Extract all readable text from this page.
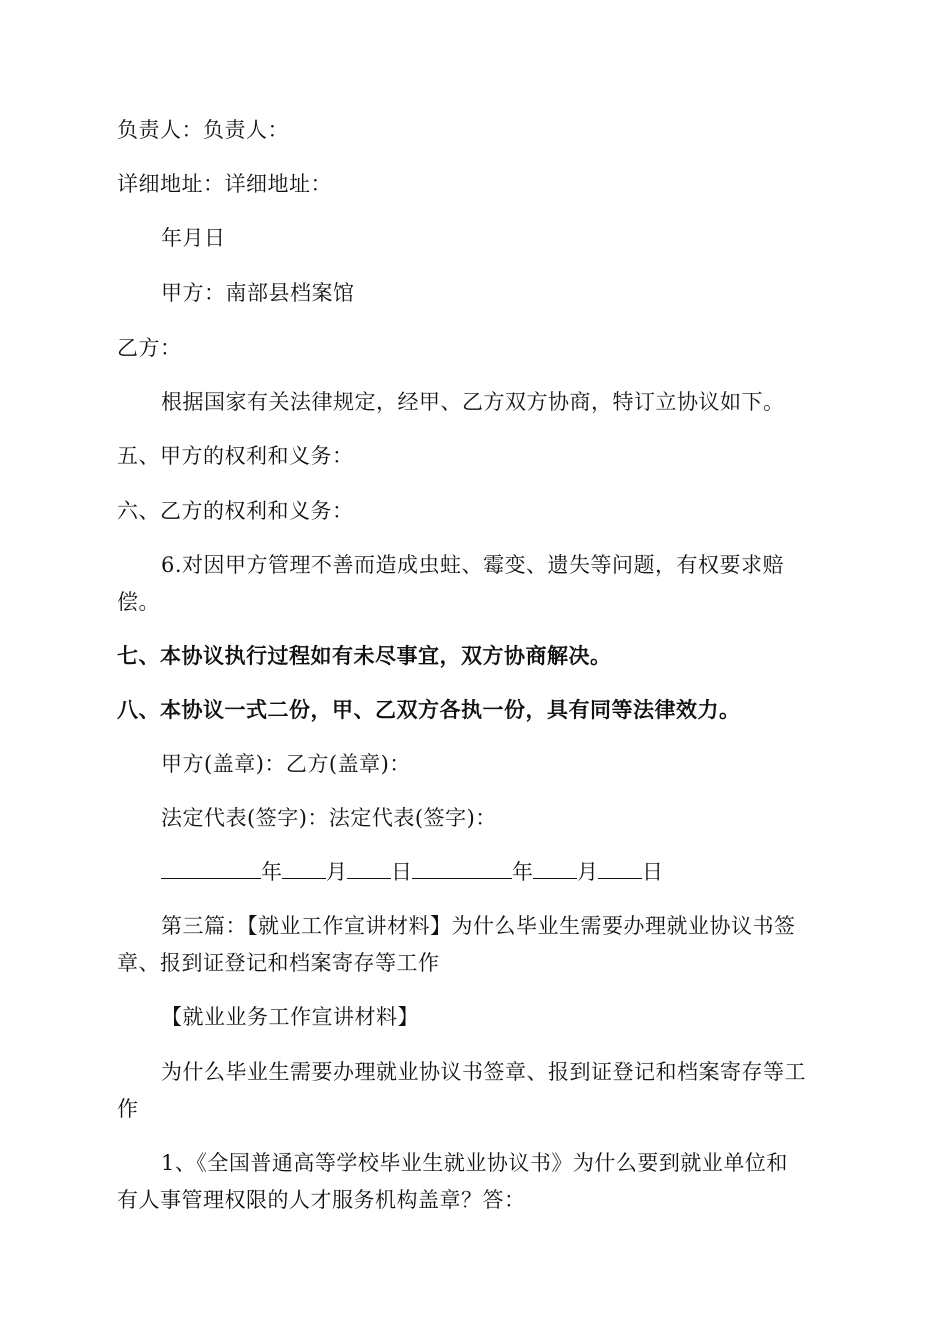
负责人：负责人：
详细地址：详细地址：
年月日
甲方：南部县档案馆
乙方：
根据国家有关法律规定，经甲、乙方双方协商，特订立协议如下。
五、甲方的权利和义务：
六、乙方的权利和义务：
6.对因甲方管理不善而造成虫蛀、霉变、遗失等问题，有权要求赔
偿。
七、本协议执行过程如有未尽事宜，双方协商解决。
八、本协议一式二份，甲、乙双方各执一份，具有同等法律效力。
甲方(盖章)：乙方(盖章)：
法定代表(签字)：法定代表(签字)：
年 月 日	年 月 日
第三篇：【就业工作宣讲材料】为什么毕业生需要办理就业协议书签
章、报到证登记和档案寄存等工作
【就业业务工作宣讲材料】
为什么毕业生需要办理就业协议书签章、报到证登记和档案寄存等工
作
1、《全国普通高等学校毕业生就业协议书》为什么要到就业单位和
有人事管理权限的人才服务机构盖章？答：
